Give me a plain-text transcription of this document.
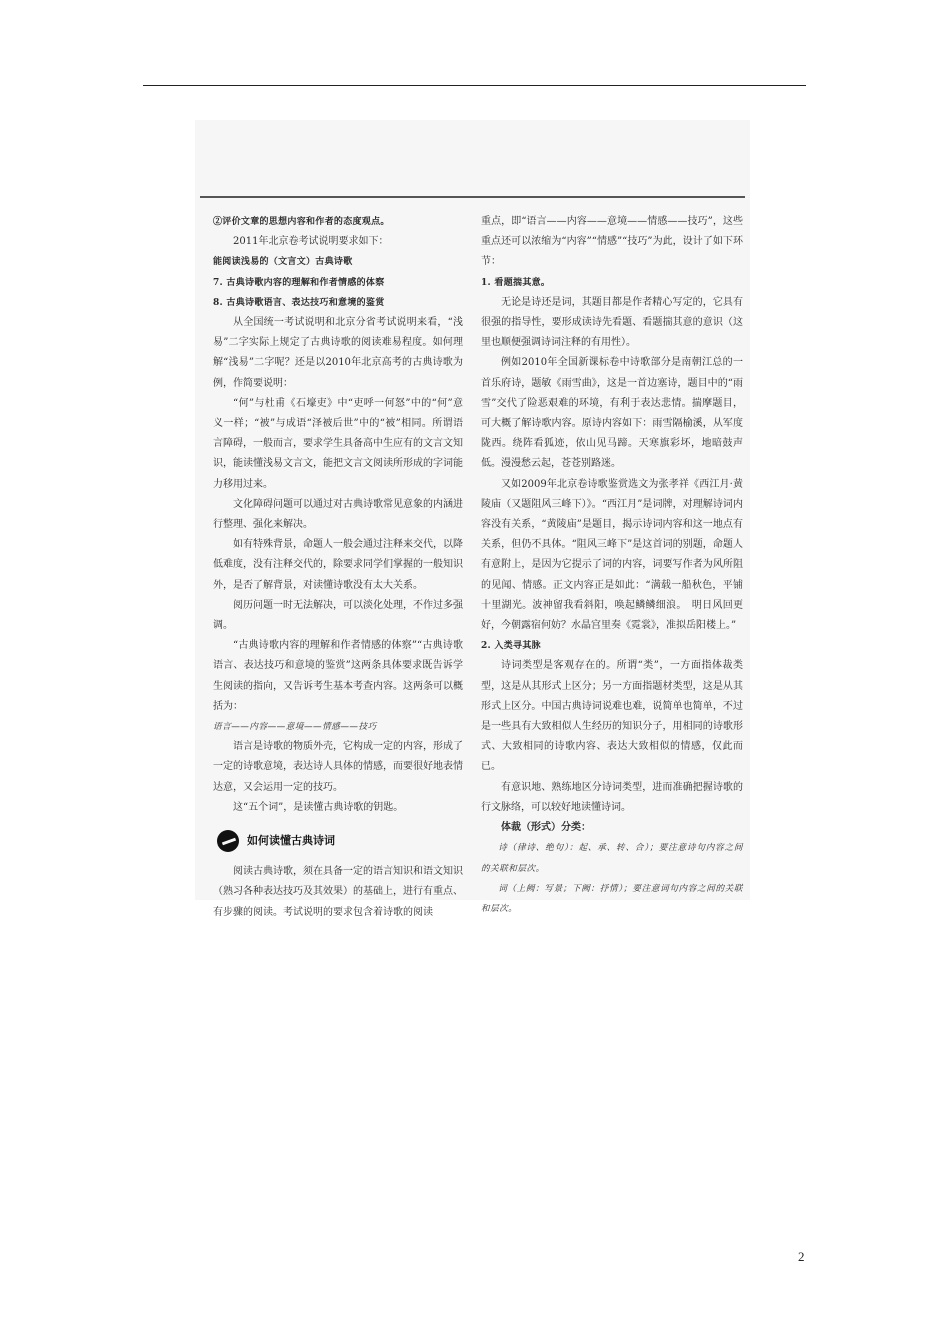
②评价文章的思想内容和作者的态度观点。

2011年北京卷考试说明要求如下：

能阅读浅易的（文言文）古典诗歌

7. 古典诗歌内容的理解和作者情感的体察

8. 古典诗歌语言、表达技巧和意境的鉴赏

从全国统一考试说明和北京分省考试说明来看，“浅易”二字实际上规定了古典诗歌的阅读难易程度。如何理解“浅易”二字呢？还是以2010年北京高考的古典诗歌为例，作简要说明：

“何”与杜甫《石壕吏》中“吏呼一何怒”中的“何”意义一样；“被”与成语“泽被后世”中的“被”相同。所谓语言障碍，一般而言，要求学生具备高中生应有的文言文知识，能读懂浅易文言文，能把文言文阅读所形成的字词能力移用过来。

文化障碍问题可以通过对古典诗歌常见意象的内涵进行整理、强化来解决。

如有特殊背景，命题人一般会通过注释来交代，以降低难度，没有注释交代的，除要求同学们掌握的一般知识外，是否了解背景，对读懂诗歌没有太大关系。

阅历问题一时无法解决，可以淡化处理，不作过多强调。

“古典诗歌内容的理解和作者情感的体察”“古典诗歌语言、表达技巧和意境的鉴赏”这两条具体要求既告诉学生阅读的指向，又告诉考生基本考查内容。这两条可以概括为：

语言——内容——意境——情感——技巧

语言是诗歌的物质外壳，它构成一定的内容，形成了一定的诗歌意境，表达诗人具体的情感，而要很好地表情达意，又会运用一定的技巧。

这“五个词”，是读懂古典诗歌的钥匙。

如何读懂古典诗词

阅读古典诗歌，须在具备一定的语言知识和语文知识（熟习各种表达技巧及其效果）的基础上，进行有重点、有步骤的阅读。考试说明的要求包含着诗歌的阅读

重点，即“语言——内容——意境——情感——技巧”，这些重点还可以浓缩为“内容”“情感”“技巧”为此，设计了如下环节：

1. 看题揣其意。

无论是诗还是词，其题目都是作者精心写定的，它具有很强的指导性，要形成读诗先看题、看题揣其意的意识（这里也顺便强调诗词注释的有用性）。

例如2010年全国新课标卷中诗歌部分是南朝江总的一首乐府诗，题敏《雨雪曲》，这是一首边塞诗，题目中的“雨雪”交代了险恶艰难的环境，有利于表达悲情。揣摩题目，可大概了解诗歌内容。原诗内容如下：雨雪隔榆溪，从军度陇西。绕阵看狐迹，依山见马蹄。天寒旗彩坏，地暗鼓声低。漫漫愁云起，苍苍别路迷。

又如2009年北京卷诗歌鉴赏选文为张孝祥《西江月·黄陵庙（又题阻风三峰下）》。“西江月”是词牌，对理解诗词内容没有关系，“黄陵庙”是题目，揭示诗词内容和这一地点有关系，但仍不具体。“阻风三峰下”是这首词的别题，命题人有意附上，是因为它提示了词的内容，词要写作者为风所阻的见闻、情感。正文内容正是如此：“满载一船秋色，平铺十里湖光。波神留我看斜阳，唤起鳞鳞细浪。　明日风回更好，今朝露宿何妨？水晶宫里奏《霓裳》，准拟岳阳楼上。”

2. 入类寻其脉

诗词类型是客观存在的。所谓“类”，一方面指体裁类型，这是从其形式上区分；另一方面指题材类型，这是从其形式上区分。中国古典诗词说难也难，说简单也简单，不过是一些具有大致相似人生经历的知识分子，用相同的诗歌形式、大致相同的诗歌内容、表达大致相似的情感，仅此而已。

有意识地、熟练地区分诗词类型，进而准确把握诗歌的行文脉络，可以较好地读懂诗词。

体裁（形式）分类：

诗（律诗、绝句）：起、承、转、合）；要注意诗句内容之间的关联和层次。

词（上阙：写景；下阙：抒情）；要注意词句内容之间的关联和层次。

2
